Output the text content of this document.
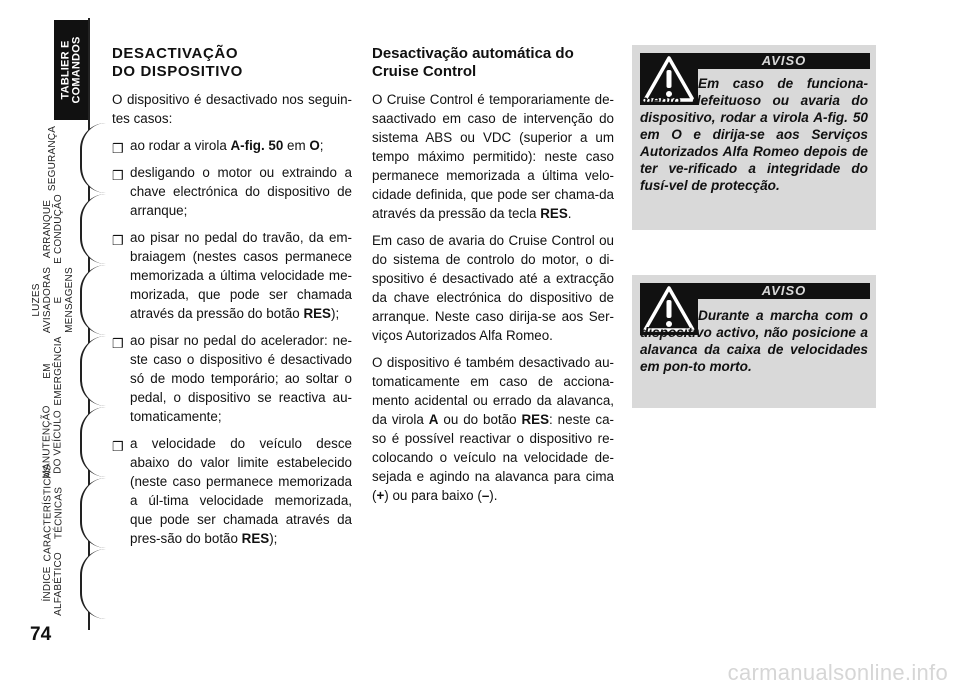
TABLIER E
COMANDOS
SEGURANÇA
ARRANQUE
E CONDUÇÃO
LUZES
AVISADORAS
E MENSAGENS
EM EMERGÊNCIA
MANUTENÇÃO
DO VEÍCULO
CARACTERÍSTICAS
TÉCNICAS
ÍNDICE
ALFABÉTICO
74
DESACTIVAÇÃO
DO DISPOSITIVO
O dispositivo é desactivado nos seguin-tes casos:
❒ ao rodar a virola A-fig. 50 em O;
❒ desligando o motor ou extraindo a chave electrónica do dispositivo de arranque;
❒ ao pisar no pedal do travão, da em-braiagem (nestes casos permanece memorizada a última velocidade me-morizada, que pode ser chamada através da pressão do botão RES);
❒ ao pisar no pedal do acelerador: ne-ste caso o dispositivo é desactivado só de modo temporário; ao soltar o pedal, o dispositivo se reactiva au-tomaticamente;
❒ a velocidade do veículo desce abaixo do valor limite estabelecido (neste caso permanece memorizada a úl-tima velocidade memorizada, que pode ser chamada através da pres-são do botão RES);
Desactivação automática do
Cruise Control
O Cruise Control é temporariamente de-saactivado em caso de intervenção do sistema ABS ou VDC (superior a um tempo máximo permitido): neste caso permanece memorizada a última velo-cidade definida, que pode ser chama-da através da pressão da tecla RES.
Em caso de avaria do Cruise Control ou do sistema de controlo do motor, o di-spositivo é desactivado até a extracção da chave electrónica do dispositivo de arranque. Neste caso dirija-se aos Ser-viços Autorizados Alfa Romeo.
O dispositivo é também desactivado au-tomaticamente em caso de acciona-mento acidental ou errado da alavanca, da virola A ou do botão RES: neste ca-so é possível reactivar o dispositivo re-colocando o veículo na velocidade de-sejada e agindo na alavanca para cima (+) ou para baixo (–).
AVISO
Em caso de funciona-mento defeituoso ou avaria do dispositivo, rodar a virola A-fig. 50 em O e dirija-se aos Serviços Autorizados Alfa Romeo depois de ter ve-rificado a integridade do fusí-vel de protecção.
AVISO
Durante a marcha com o dispositivo activo, não posicione a alavanca da caixa de velocidades em pon-to morto.
carmanualsonline.info
